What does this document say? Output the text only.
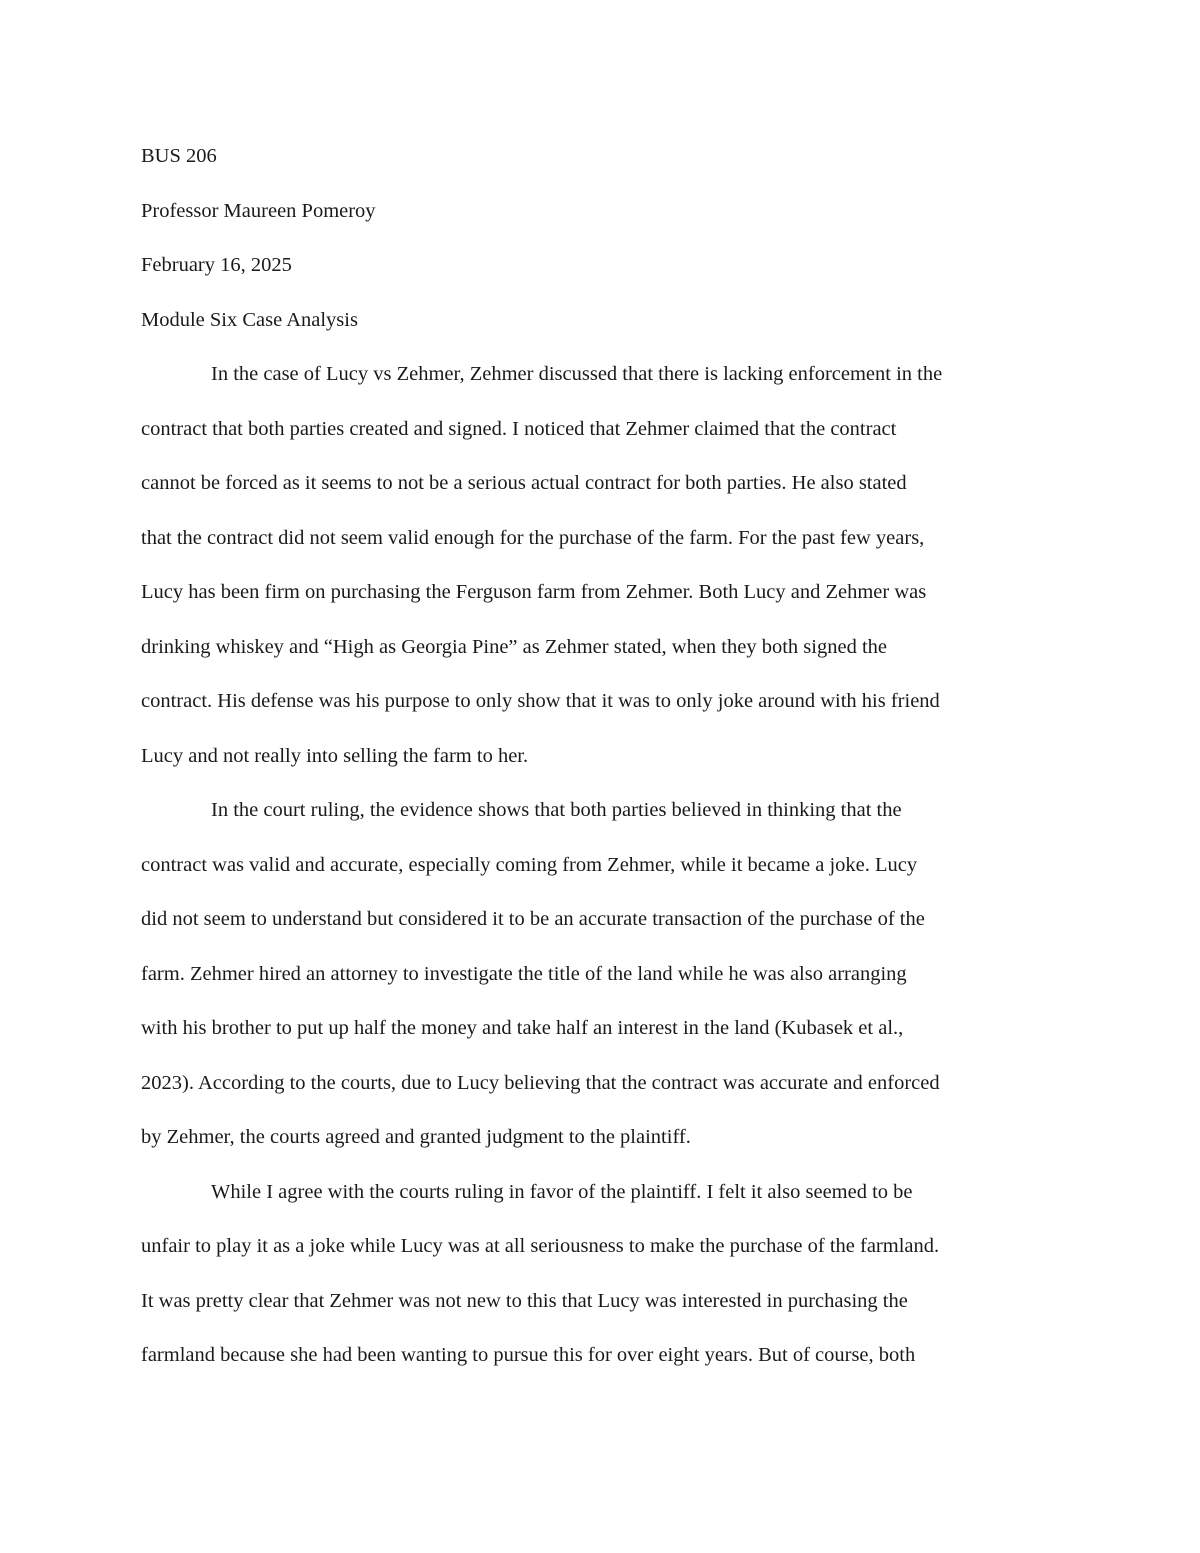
BUS 206
Professor Maureen Pomeroy
February 16, 2025
Module Six Case Analysis
In the case of Lucy vs Zehmer, Zehmer discussed that there is lacking enforcement in the
contract that both parties created and signed. I noticed that Zehmer claimed that the contract
cannot be forced as it seems to not be a serious actual contract for both parties. He also stated
that the contract did not seem valid enough for the purchase of the farm. For the past few years,
Lucy has been firm on purchasing the Ferguson farm from Zehmer. Both Lucy and Zehmer was
drinking whiskey and “High as Georgia Pine” as Zehmer stated, when they both signed the
contract. His defense was his purpose to only show that it was to only joke around with his friend
Lucy and not really into selling the farm to her.
In the court ruling, the evidence shows that both parties believed in thinking that the
contract was valid and accurate, especially coming from Zehmer, while it became a joke. Lucy
did not seem to understand but considered it to be an accurate transaction of the purchase of the
farm. Zehmer hired an attorney to investigate the title of the land while he was also arranging
with his brother to put up half the money and take half an interest in the land (Kubasek et al.,
2023). According to the courts, due to Lucy believing that the contract was accurate and enforced
by Zehmer, the courts agreed and granted judgment to the plaintiff.
While I agree with the courts ruling in favor of the plaintiff. I felt it also seemed to be
unfair to play it as a joke while Lucy was at all seriousness to make the purchase of the farmland.
It was pretty clear that Zehmer was not new to this that Lucy was interested in purchasing the
farmland because she had been wanting to pursue this for over eight years. But of course, both
